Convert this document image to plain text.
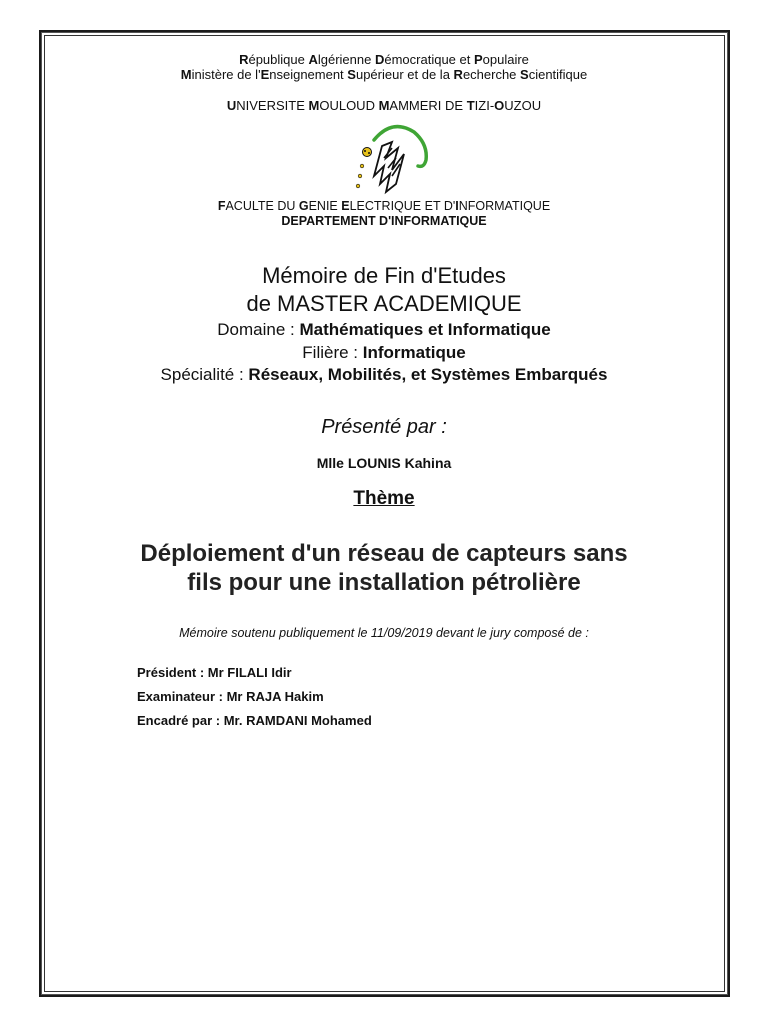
République Algérienne Démocratique et Populaire
Ministère de l'Enseignement Supérieur et de la Recherche Scientifique
UNIVERSITE MOULOUD MAMMERI DE TIZI-OUZOU
FACULTE DU GENIE ELECTRIQUE ET D'INFORMATIQUE
DEPARTEMENT D'INFORMATIQUE
Mémoire de Fin d'Etudes
de MASTER ACADEMIQUE
Domaine : Mathématiques et Informatique
Filière : Informatique
Spécialité : Réseaux, Mobilités, et Systèmes Embarqués
Présenté par :
Mlle LOUNIS Kahina
Thème
Déploiement d'un réseau de capteurs sans
fils pour une installation pétrolière
Mémoire soutenu publiquement le 11/09/2019 devant le jury composé de :
Président : Mr FILALI Idir
Examinateur : Mr RAJA Hakim
Encadré par : Mr. RAMDANI Mohamed
